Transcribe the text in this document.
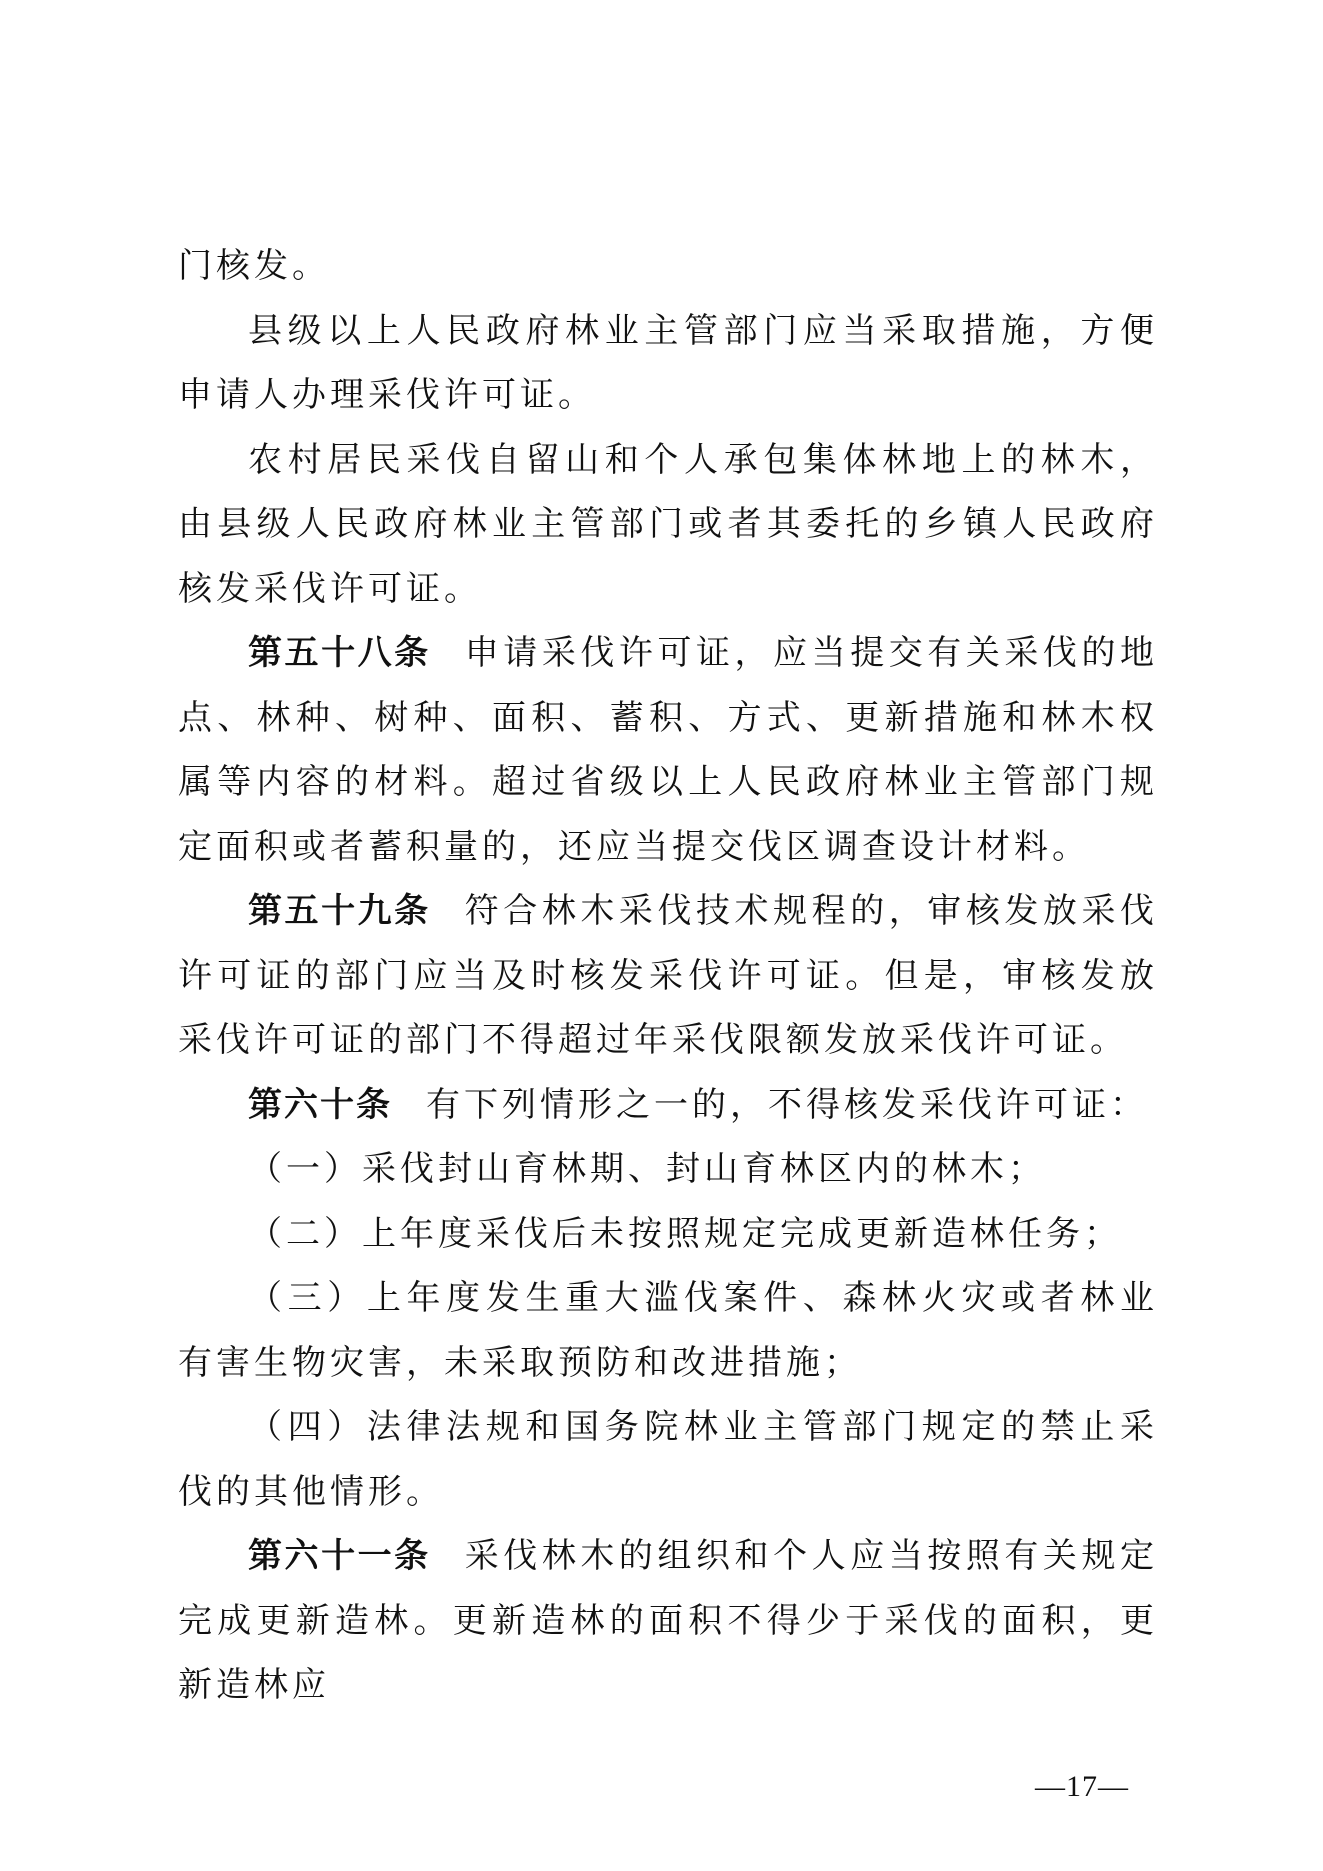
门核发。

县级以上人民政府林业主管部门应当采取措施，方便申请人办理采伐许可证。

农村居民采伐自留山和个人承包集体林地上的林木，由县级人民政府林业主管部门或者其委托的乡镇人民政府核发采伐许可证。

第五十八条 申请采伐许可证，应当提交有关采伐的地点、林种、树种、面积、蓄积、方式、更新措施和林木权属等内容的材料。超过省级以上人民政府林业主管部门规定面积或者蓄积量的，还应当提交伐区调查设计材料。

第五十九条 符合林木采伐技术规程的，审核发放采伐许可证的部门应当及时核发采伐许可证。但是，审核发放采伐许可证的部门不得超过年采伐限额发放采伐许可证。

第六十条 有下列情形之一的，不得核发采伐许可证：

（一）采伐封山育林期、封山育林区内的林木；

（二）上年度采伐后未按照规定完成更新造林任务；

（三）上年度发生重大滥伐案件、森林火灾或者林业有害生物灾害，未采取预防和改进措施；

（四）法律法规和国务院林业主管部门规定的禁止采伐的其他情形。

第六十一条 采伐林木的组织和个人应当按照有关规定完成更新造林。更新造林的面积不得少于采伐的面积，更新造林应

—17—
